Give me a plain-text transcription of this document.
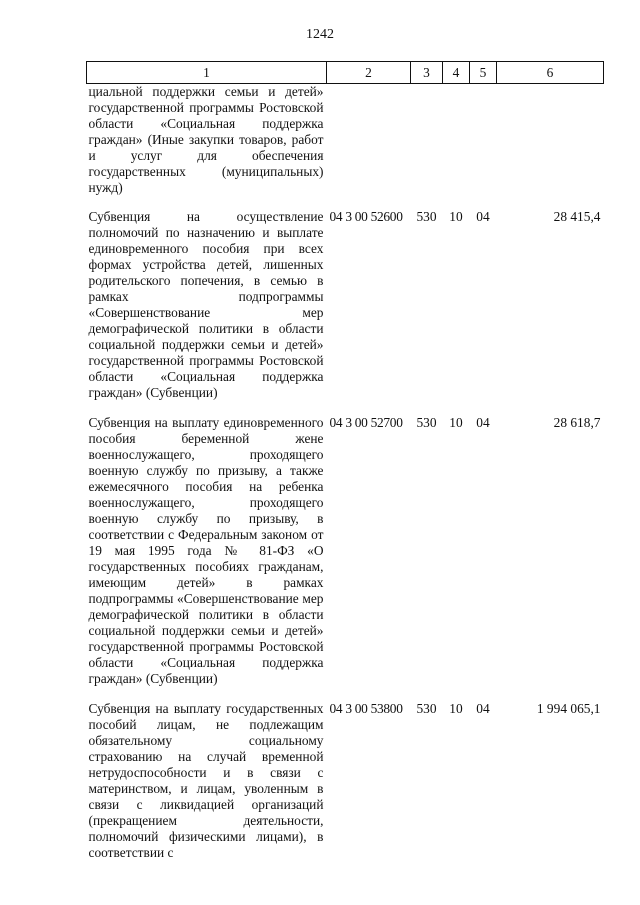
1242
1	2	3	4	5	6
циальной поддержки семьи и детей» государственной программы Ростовской области «Социальная поддержка граждан» (Иные закупки товаров, работ и услуг для обеспечения государственных (муниципальных) нужд)					
Субвенция на осуществление полномочий по назначению и выплате единовременного пособия при всех формах устройства детей, лишенных родительского попечения, в семью в рамках подпрограммы «Совершенствование мер демографической политики в области социальной поддержки семьи и детей» государственной программы Ростовской области «Социальная поддержка граждан» (Субвенции)	04 3 00 52600	530	10	04	28 415,4
Субвенция на выплату единовременного пособия беременной жене военнослужащего, проходящего военную службу по призыву, а также ежемесячного пособия на ребенка военнослужащего, проходящего военную службу по призыву, в соответствии с Федеральным законом от 19 мая 1995 года № 81-ФЗ «О государственных пособиях гражданам, имеющим детей» в рамках подпрограммы «Совершенствование мер демографической политики в области социальной поддержки семьи и детей» государственной программы Ростовской области «Социальная поддержка граждан» (Субвенции)	04 3 00 52700	530	10	04	28 618,7
Субвенция на выплату государственных пособий лицам, не подлежащим обязательному социальному страхованию на случай временной нетрудоспособности и в связи с материнством, и лицам, уволенным в связи с ликвидацией организаций (прекращением деятельности, полномочий физическими лицами), в соответствии с	04 3 00 53800	530	10	04	1 994 065,1
